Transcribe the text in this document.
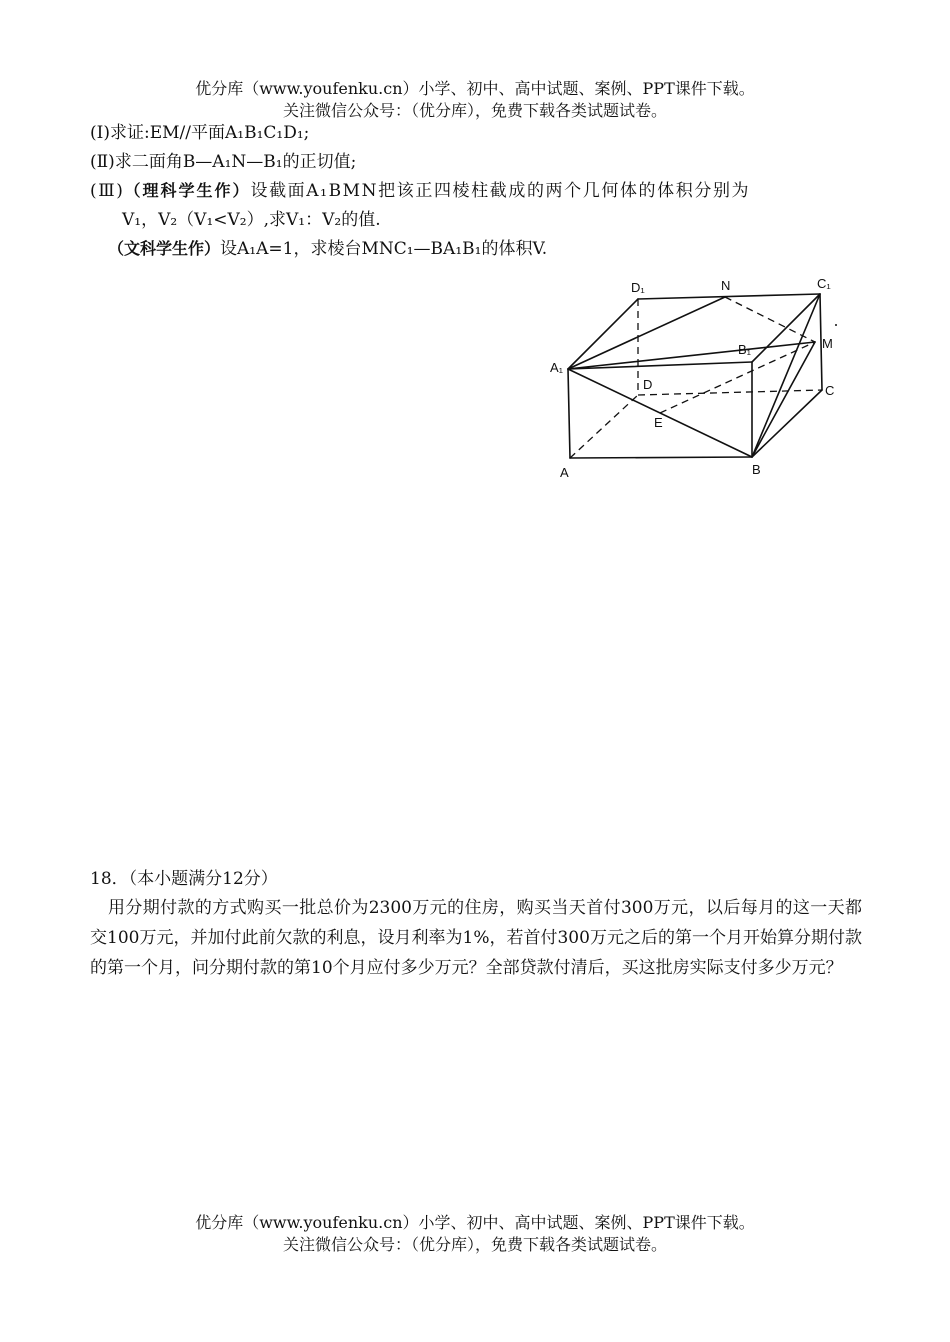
优分库（www.youfenku.cn）小学、初中、高中试题、案例、PPT课件下载。
关注微信公众号：（优分库），免费下载各类试题试卷。
(Ⅰ)求证:EM//平面A₁B₁C₁D₁;
(Ⅱ)求二面角B—A₁N—B₁的正切值;
(Ⅲ)（理科学生作）设截面A₁BMN把该正四棱柱截成的两个几何体的体积分别为
V₁，V₂（V₁<V₂）,求V₁：V₂的值.
（文科学生作）设A₁A=1，求棱台MNC₁—BA₁B₁的体积V.
D₁	N	C₁
B₁	M
A₁
D	C
E
A	B
18．（本小题满分12分）

用分期付款的方式购买一批总价为2300万元的住房，购买当天首付300万元，以后每月的这一天都交100万元，并加付此前欠款的利息，设月利率为1%，若首付300万元之后的第一个月开始算分期付款的第一个月，问分期付款的第10个月应付多少万元？全部贷款付清后，买这批房实际支付多少万元？

优分库（www.youfenku.cn）小学、初中、高中试题、案例、PPT课件下载。
关注微信公众号：（优分库），免费下载各类试题试卷。
